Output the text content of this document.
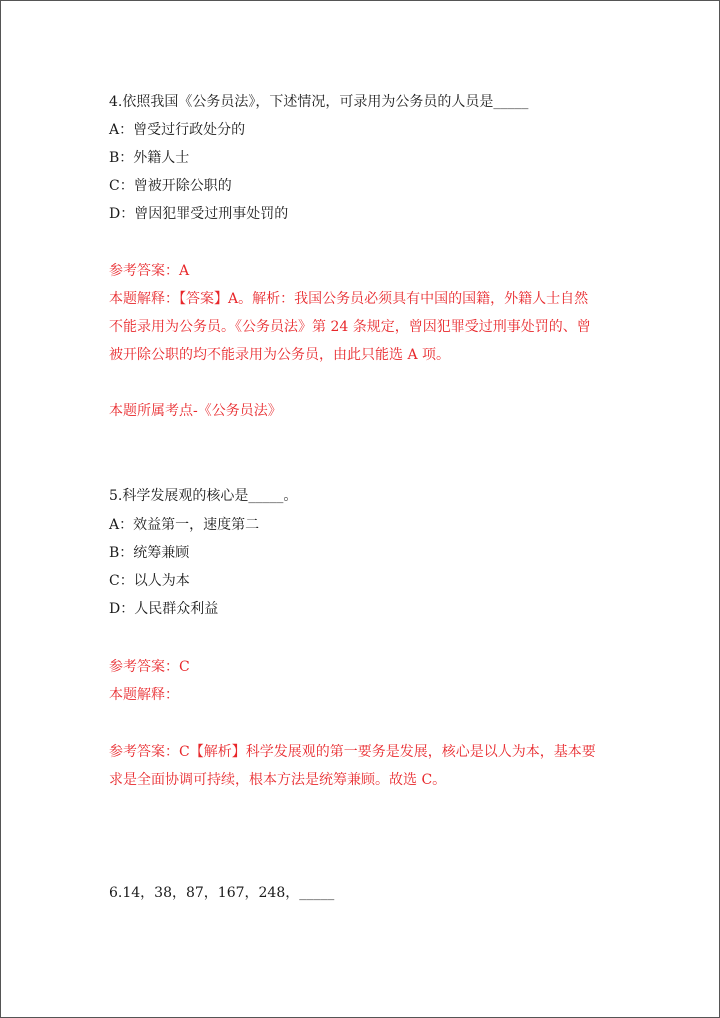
4.依照我国《公务员法》，下述情况，可录用为公务员的人员是_____
A：曾受过行政处分的
B：外籍人士
C：曾被开除公职的
D：曾因犯罪受过刑事处罚的
参考答案：A
本题解释：【答案】A。解析：我国公务员必须具有中国的国籍，外籍人士自然
不能录用为公务员。《公务员法》第 24 条规定，曾因犯罪受过刑事处罚的、曾
被开除公职的均不能录用为公务员，由此只能选 A 项。
本题所属考点-《公务员法》
5.科学发展观的核心是_____。
A：效益第一，速度第二
B：统筹兼顾
C：以人为本
D：人民群众利益
参考答案：C
本题解释：
参考答案：C【解析】科学发展观的第一要务是发展，核心是以人为本，基本要
求是全面协调可持续，根本方法是统筹兼顾。故选 C。
6.14，38，87，167，248，_____
